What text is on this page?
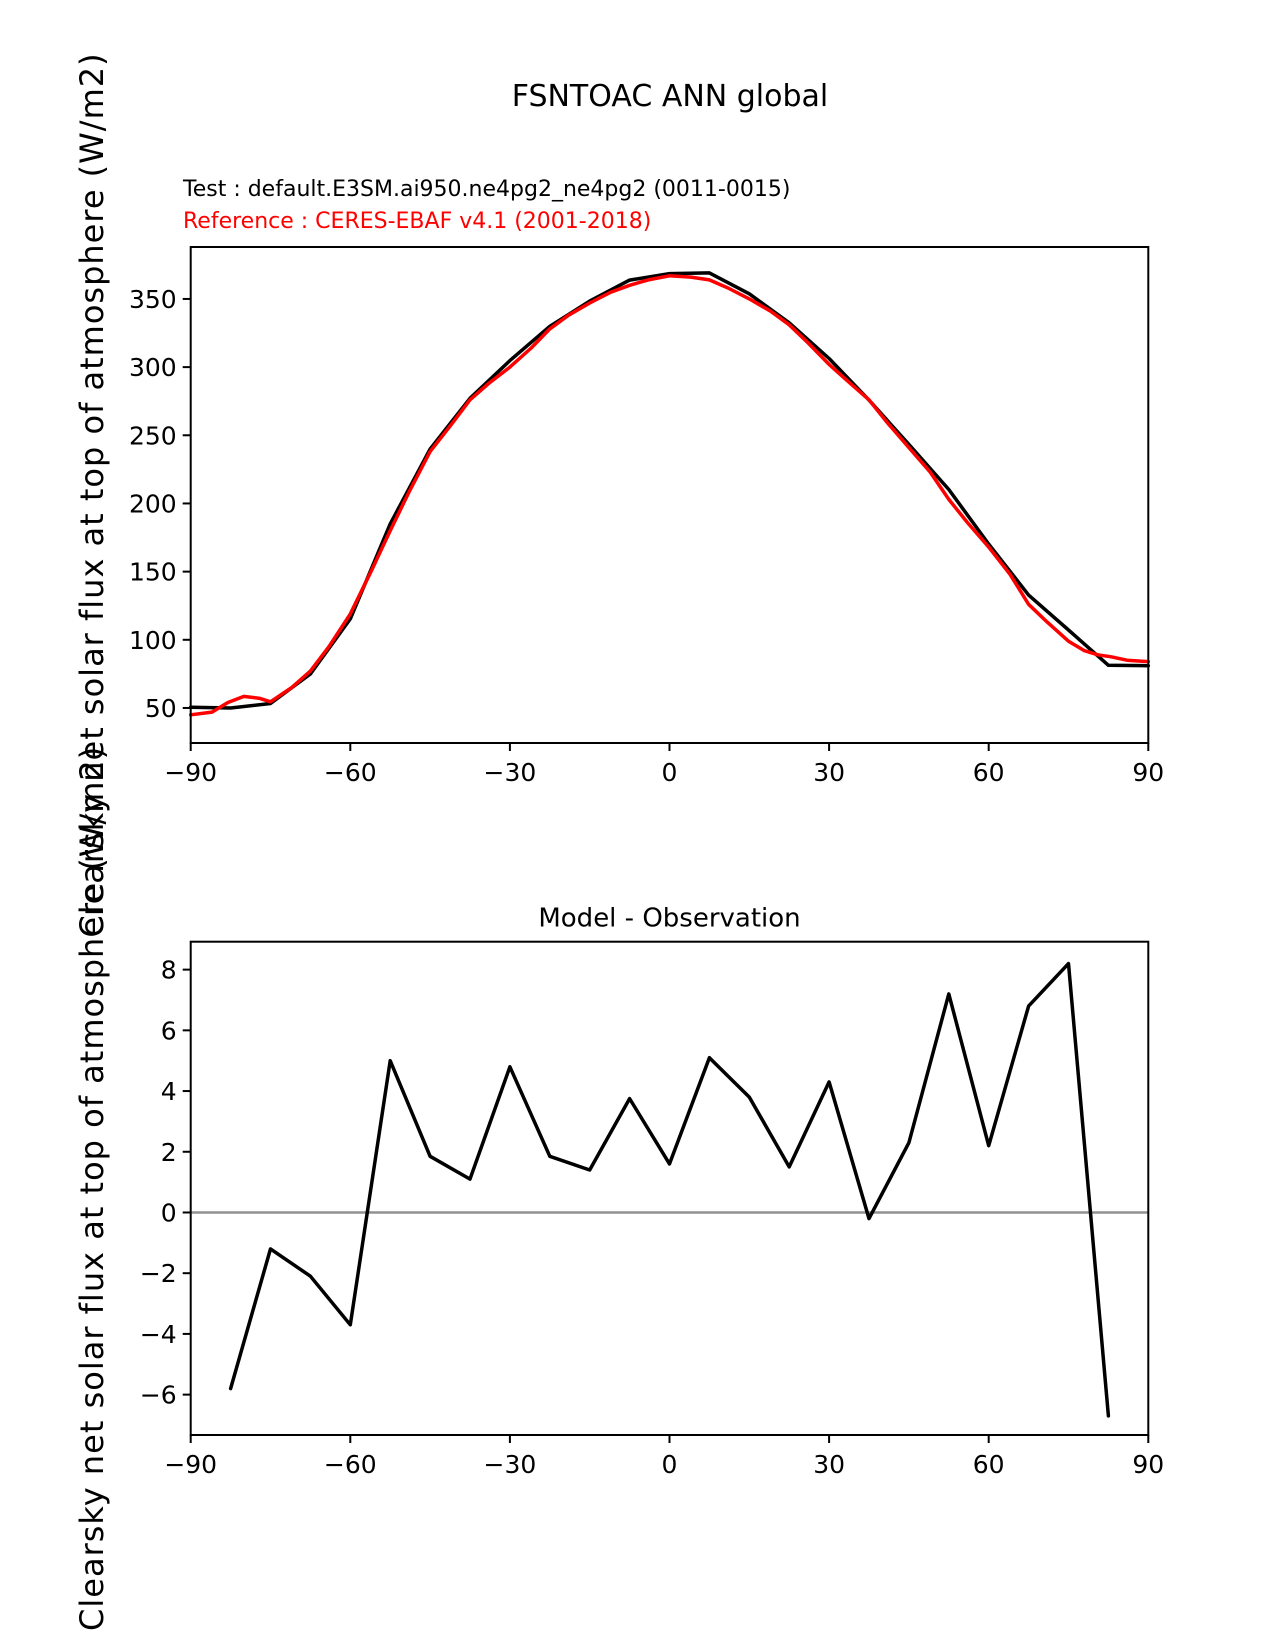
FSNTOAC ANN global
Test : default.E3SM.ai950.ne4pg2_ne4pg2 (0011-0015)
Reference : CERES-EBAF v4.1 (2001-2018)
−90	−60	−30	0	30	60	90
50
100
150
200
250
300
350
Clearsky net solar flux at top of atmosphere (W/m2)
−90	−60	−30	0	30	60	90
8
6
4
2
0
−2
−4
−6
Model - Observation
Clearsky net solar flux at top of atmosphere (W/m2)
